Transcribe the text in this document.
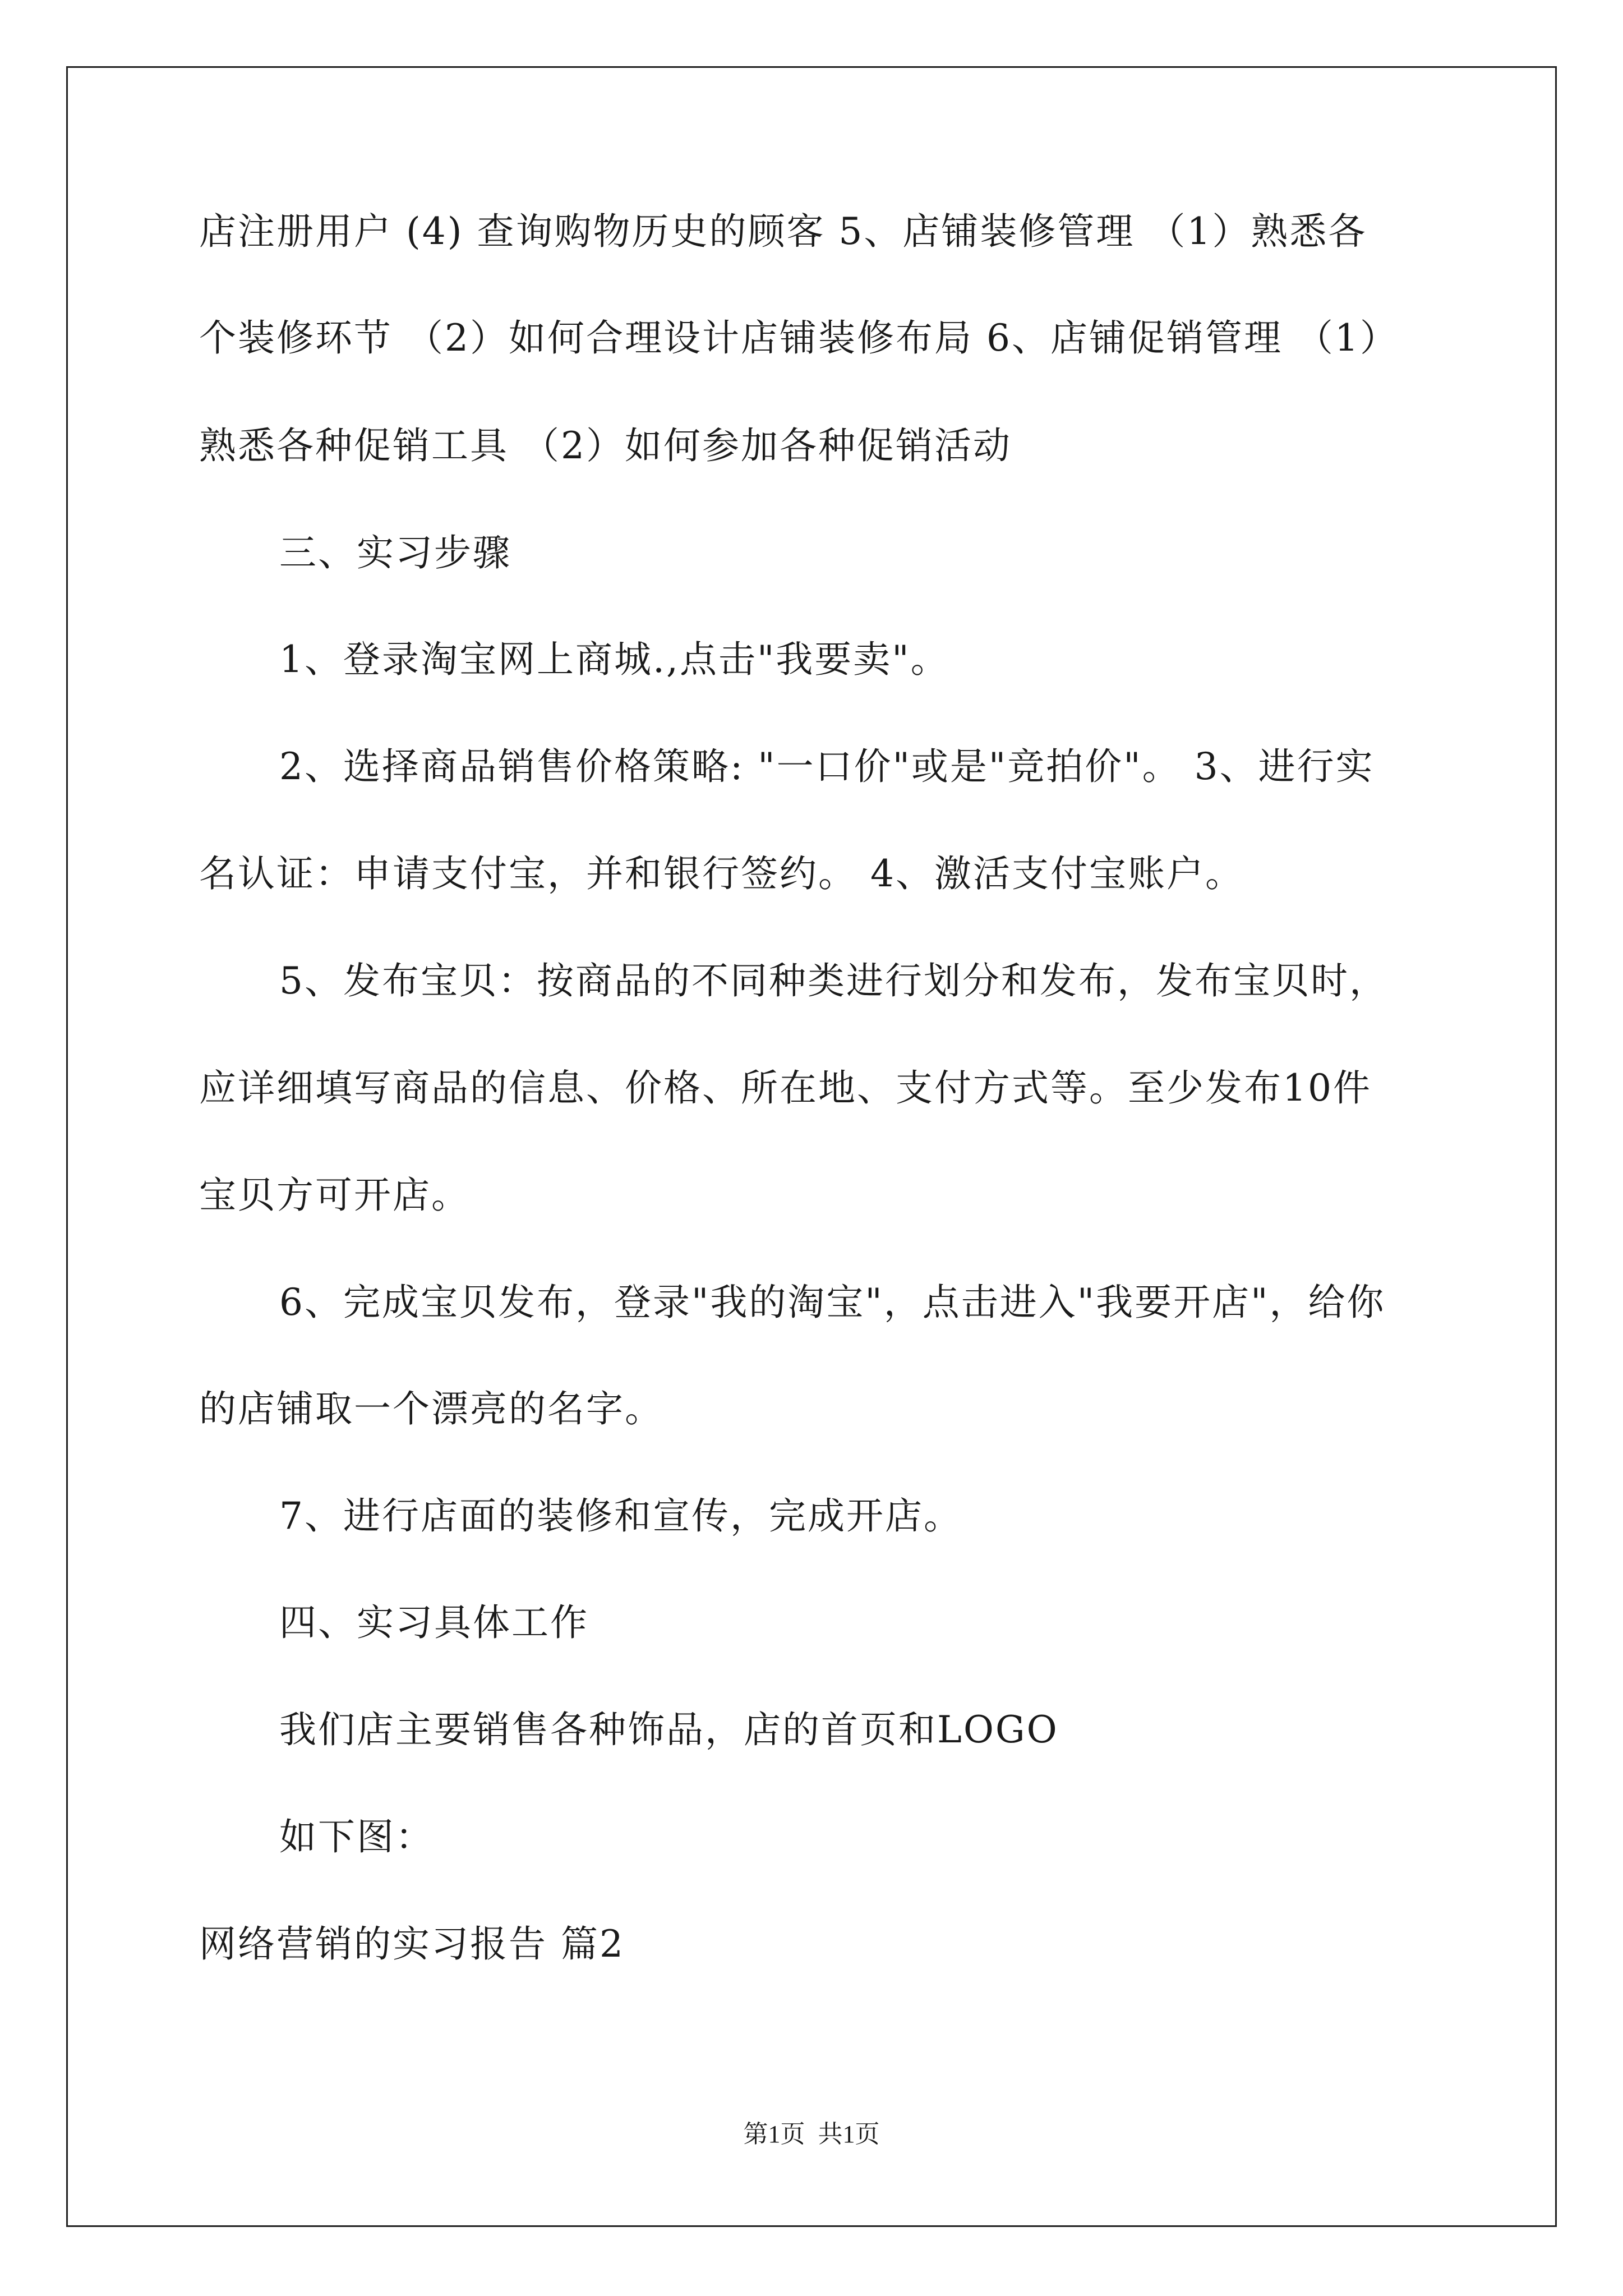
店注册用户 (4) 查询购物历史的顾客 5、店铺装修管理 （1）熟悉各
个装修环节 （2）如何合理设计店铺装修布局 6、店铺促销管理 （1）
熟悉各种促销工具 （2）如何参加各种促销活动
三、实习步骤
1、登录淘宝网上商城.,点击"我要卖"。
2、选择商品销售价格策略: "一口价"或是"竞拍价"。 3、进行实
名认证：申请支付宝，并和银行签约。 4、激活支付宝账户。
5、发布宝贝：按商品的不同种类进行划分和发布，发布宝贝时，
应详细填写商品的信息、价格、所在地、支付方式等。至少发布10件
宝贝方可开店。
6、完成宝贝发布，登录"我的淘宝"，点击进入"我要开店"，给你
的店铺取一个漂亮的名字。
7、进行店面的装修和宣传，完成开店。
四、实习具体工作
我们店主要销售各种饰品，店的首页和LOGO
如下图：
网络营销的实习报告 篇2
第1页 共1页
